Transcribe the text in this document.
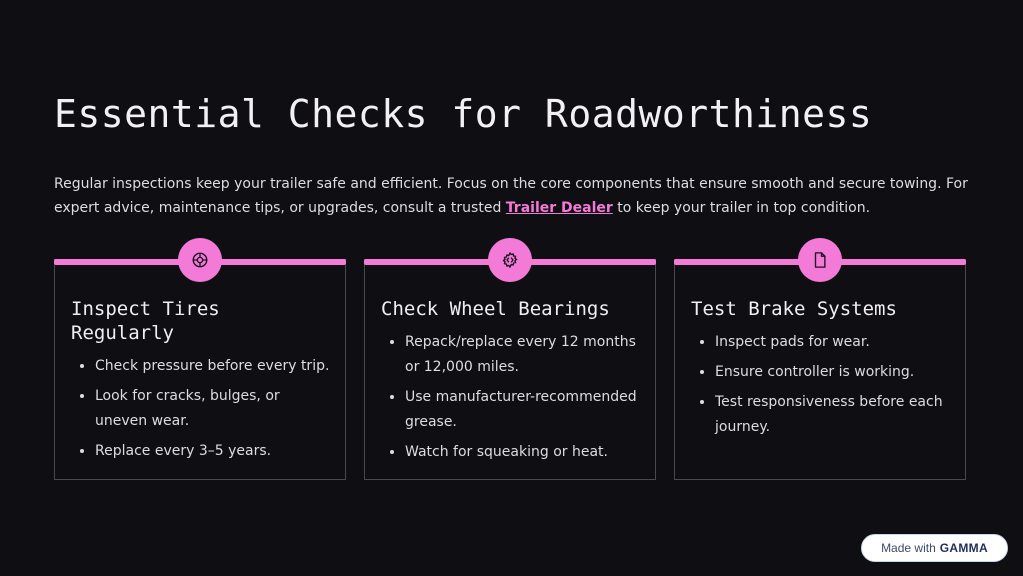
Essential Checks for Roadworthiness

Regular inspections keep your trailer safe and efficient. Focus on the core components that ensure smooth and secure towing. For expert advice, maintenance tips, or upgrades, consult a trusted Trailer Dealer to keep your trailer in top condition.

Inspect Tires Regularly
• Check pressure before every trip.
• Look for cracks, bulges, or uneven wear.
• Replace every 3–5 years.
Check Wheel Bearings
• Repack/replace every 12 months or 12,000 miles.
• Use manufacturer-recommended grease.
• Watch for squeaking or heat.
Test Brake Systems
• Inspect pads for wear.
• Ensure controller is working.
• Test responsiveness before each journey.
Made with GAMMA
